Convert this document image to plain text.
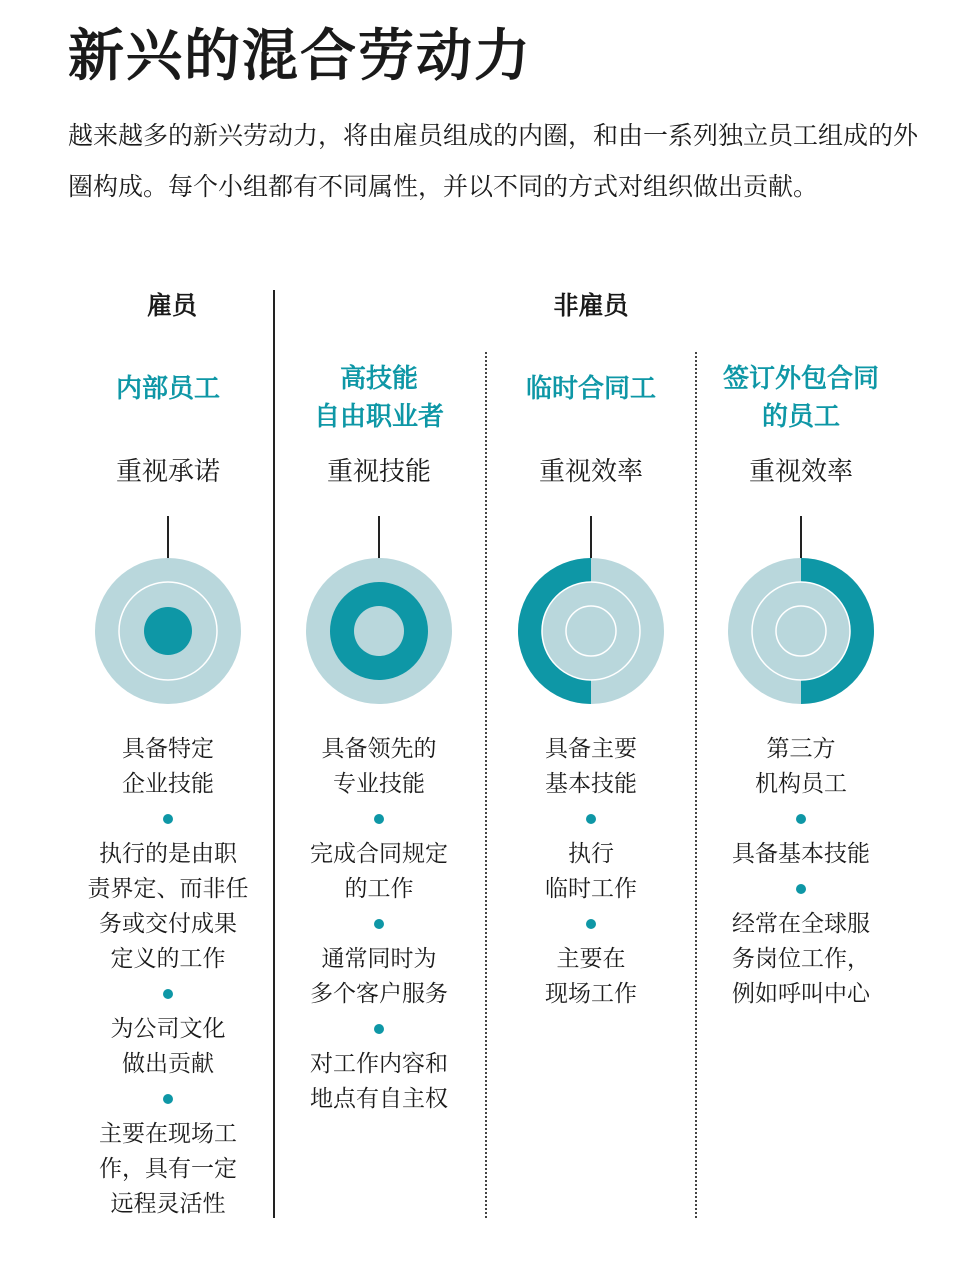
新兴的混合劳动力

越来越多的新兴劳动力，将由雇员组成的内圈，和由一系列独立员工组成的外圈构成。每个小组都有不同属性，并以不同的方式对组织做出贡献。

雇员	非雇员
内部员工
重视承诺
具备特定
企业技能
执行的是由职
责界定、而非任
务或交付成果
定义的工作
为公司文化
做出贡献
主要在现场工
作，具有一定
远程灵活性
高技能
自由职业者
重视技能
具备领先的
专业技能
完成合同规定
的工作
通常同时为
多个客户服务
对工作内容和
地点有自主权
临时合同工
重视效率
具备主要
基本技能
执行
临时工作
主要在
现场工作
签订外包合同
的员工
重视效率
第三方
机构员工
具备基本技能
经常在全球服
务岗位工作，
例如呼叫中心
